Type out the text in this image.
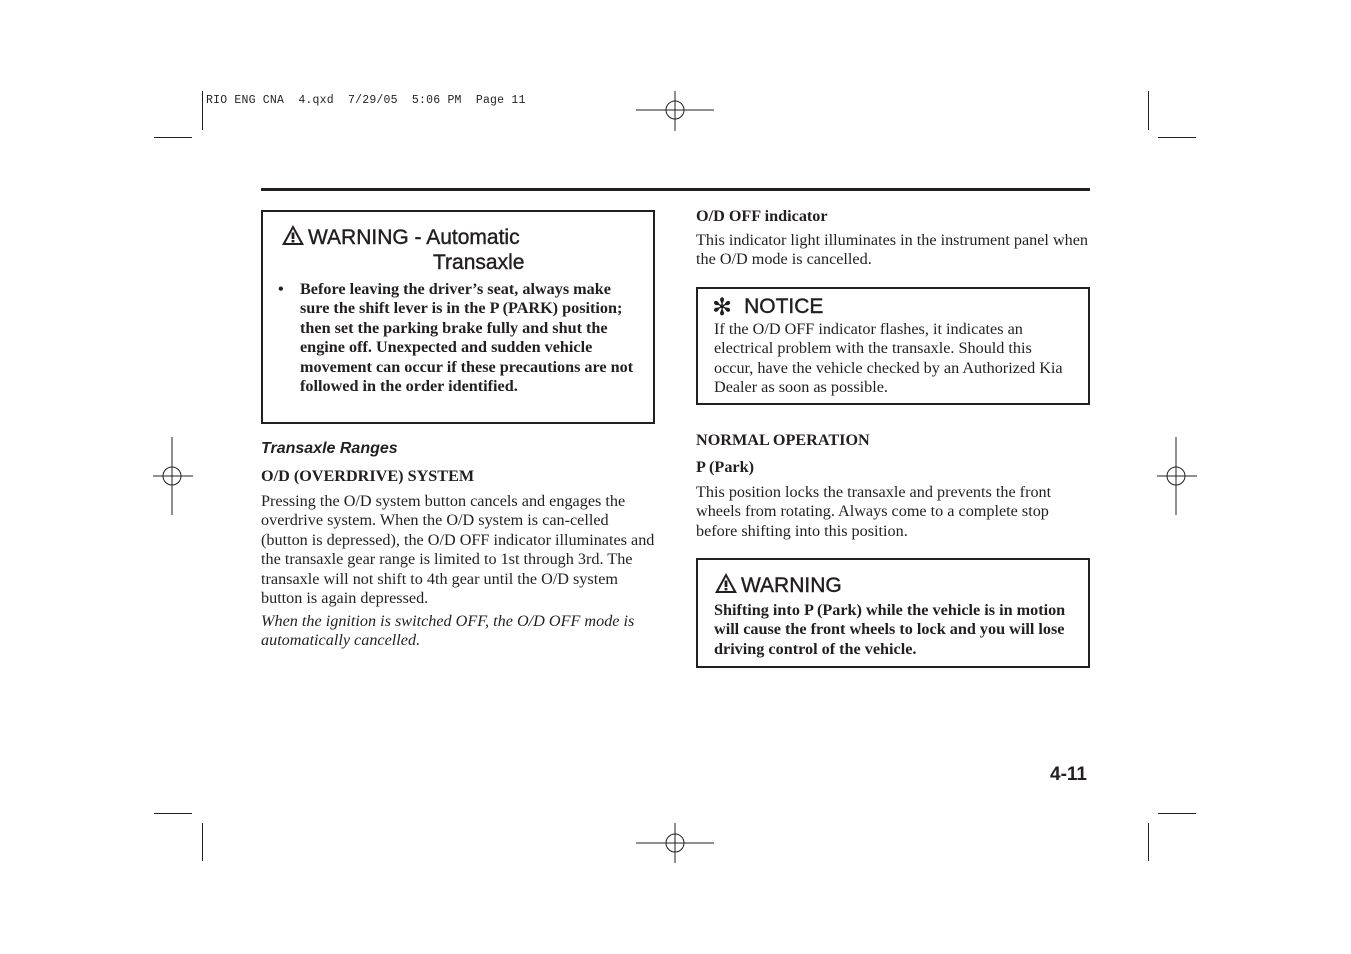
RIO ENG CNA  4.qxd  7/29/05  5:06 PM  Page 11
WARNING - Automatic
Transaxle
•	Before leaving the driver’s seat, always make sure the shift lever is in the P (PARK) position; then set the parking brake fully and shut the engine off. Unexpected and sudden vehicle movement can occur if these precautions are not followed in the order identified.
Transaxle Ranges
O/D (OVERDRIVE) SYSTEM
Pressing the O/D system button cancels and engages the overdrive system. When the O/D system is can-celled (button is depressed), the O/D OFF indicator illuminates and the transaxle gear range is limited to 1st through 3rd. The transaxle will not shift to 4th gear until the O/D system button is again depressed.
When the ignition is switched OFF, the O/D OFF mode is automatically cancelled.
O/D OFF indicator
This indicator light illuminates in the instrument panel when the O/D mode is cancelled.
✻ NOTICE
If the O/D OFF indicator flashes, it indicates an electrical problem with the transaxle. Should this occur, have the vehicle checked by an Authorized Kia Dealer as soon as possible.
NORMAL OPERATION
P (Park)
This position locks the transaxle and prevents the front wheels from rotating. Always come to a complete stop before shifting into this position.
WARNING
Shifting into P (Park) while the vehicle is in motion will cause the front wheels to lock and you will lose driving control of the vehicle.
4-11
